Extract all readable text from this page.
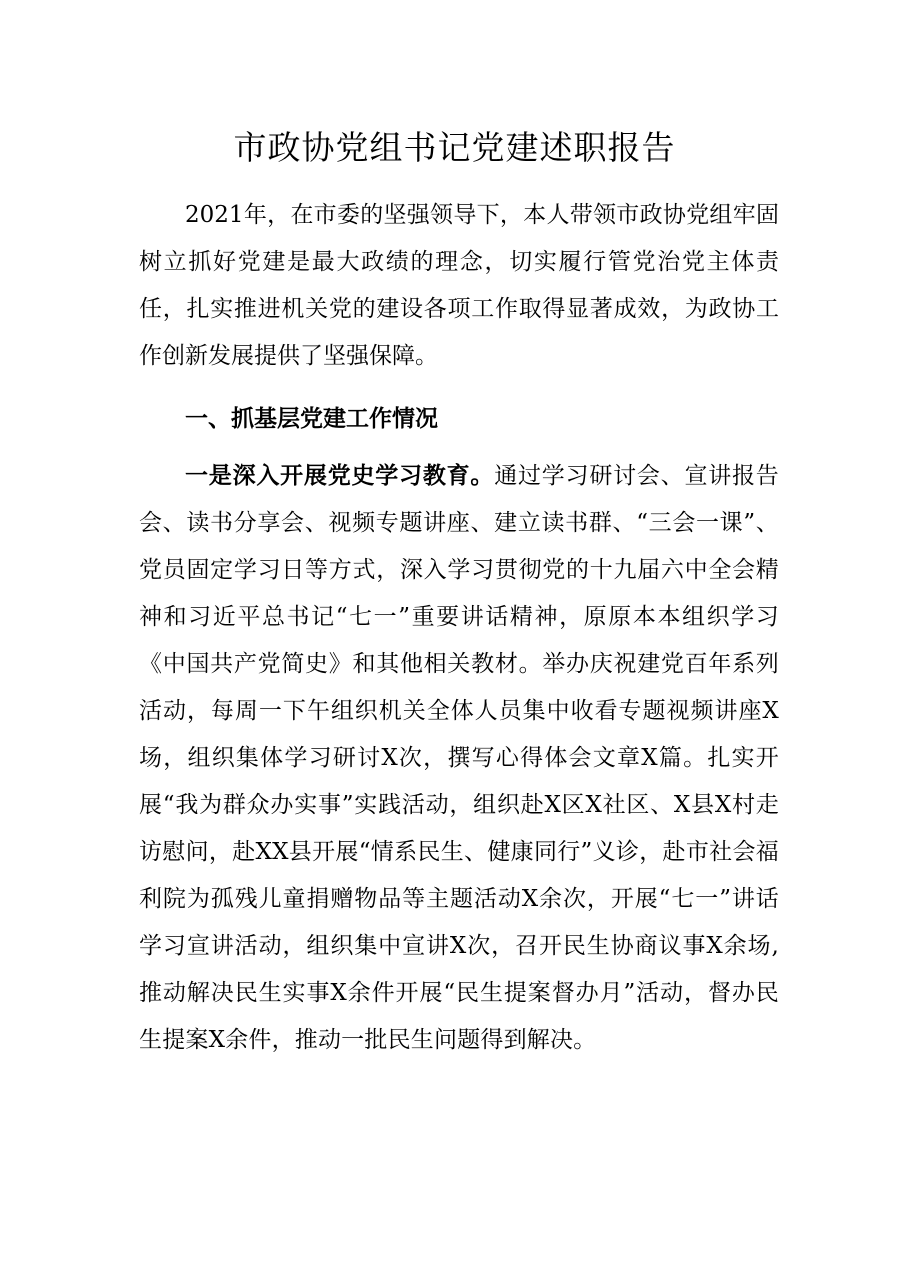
市政协党组书记党建述职报告

2021年，在市委的坚强领导下，本人带领市政协党组牢固树立抓好党建是最大政绩的理念，切实履行管党治党主体责任，扎实推进机关党的建设各项工作取得显著成效，为政协工作创新发展提供了坚强保障。

一、抓基层党建工作情况

一是深入开展党史学习教育。通过学习研讨会、宣讲报告会、读书分享会、视频专题讲座、建立读书群、“三会一课”、党员固定学习日等方式，深入学习贯彻党的十九届六中全会精神和习近平总书记“七一”重要讲话精神，原原本本组织学习《中国共产党简史》和其他相关教材。举办庆祝建党百年系列活动，每周一下午组织机关全体人员集中收看专题视频讲座X场，组织集体学习研讨X次，撰写心得体会文章X篇。扎实开展“我为群众办实事”实践活动，组织赴X区X社区、X县X村走访慰问，赴XX县开展“情系民生、健康同行”义诊，赴市社会福利院为孤残儿童捐赠物品等主题活动X余次，开展“七一”讲话学习宣讲活动，组织集中宣讲X次，召开民生协商议事X余场,推动解决民生实事X余件开展“民生提案督办月”活动，督办民生提案X余件，推动一批民生问题得到解决。
